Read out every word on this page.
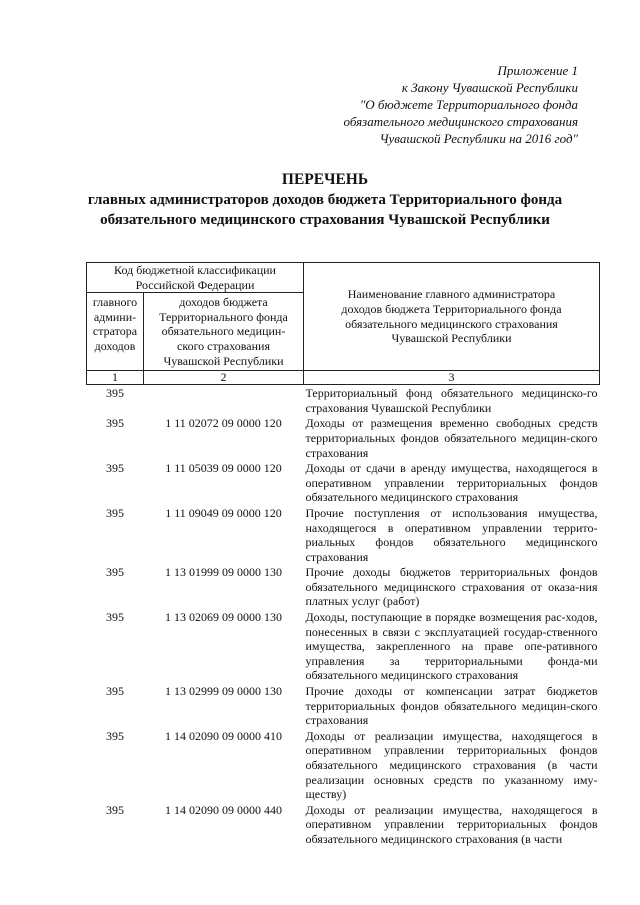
Приложение 1
к Закону Чувашской Республики
"О бюджете Территориального фонда
обязательного медицинского страхования
Чувашской Республики на 2016 год"
ПЕРЕЧЕНЬ
главных администраторов доходов бюджета Территориального фонда
обязательного медицинского страхования Чувашской Республики
Код бюджетной классификации Российской Федерации		Наименование главного администратора доходов бюджета Территориального фонда обязательного медицинского страхования Чувашской Республики
главного админи-стратора доходов	доходов бюджета Территориального фонда обязательного медицин-ского страхования Чувашской Республики	
1	2	3
395		Территориальный фонд обязательного медицинско-го страхования Чувашской Республики
395	1 11 02072 09 0000 120	Доходы от размещения временно свободных средств территориальных фондов обязательного медицин-ского страхования
395	1 11 05039 09 0000 120	Доходы от сдачи в аренду имущества, находящегося в оперативном управлении территориальных фондов обязательного медицинского страхования
395	1 11 09049 09 0000 120	Прочие поступления от использования имущества, находящегося в оперативном управлении террито-риальных фондов обязательного медицинского страхования
395	1 13 01999 09 0000 130	Прочие доходы бюджетов территориальных фондов обязательного медицинского страхования от оказа-ния платных услуг (работ)
395	1 13 02069 09 0000 130	Доходы, поступающие в порядке возмещения рас-ходов, понесенных в связи с эксплуатацией государ-ственного имущества, закрепленного на праве опе-ративного управления за территориальными фонда-ми обязательного медицинского страхования
395	1 13 02999 09 0000 130	Прочие доходы от компенсации затрат бюджетов территориальных фондов обязательного медицин-ского страхования
395	1 14 02090 09 0000 410	Доходы от реализации имущества, находящегося в оперативном управлении территориальных фондов обязательного медицинского страхования (в части реализации основных средств по указанному иму-ществу)
395	1 14 02090 09 0000 440	Доходы от реализации имущества, находящегося в оперативном управлении территориальных фондов обязательного медицинского страхования (в части
